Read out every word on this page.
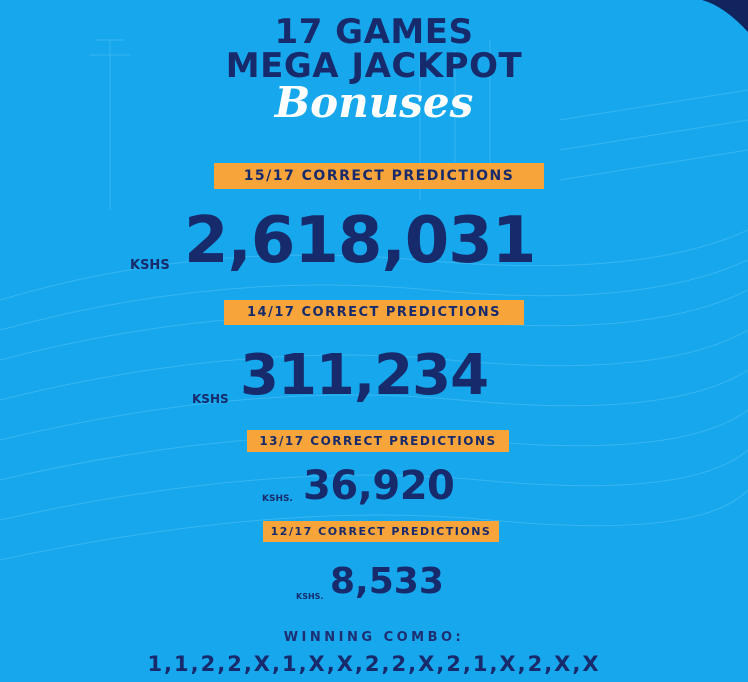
17 GAMES
MEGA JACKPOT
Bonuses
15/17 CORRECT PREDICTIONS
KSHS 2,618,031
14/17 CORRECT PREDICTIONS
KSHS 311,234
13/17 CORRECT PREDICTIONS
KSHS. 36,920
12/17 CORRECT PREDICTIONS
KSHS. 8,533
WINNING COMBO:
1,1,2,2,X,1,X,X,2,2,X,2,1,X,2,X,X
